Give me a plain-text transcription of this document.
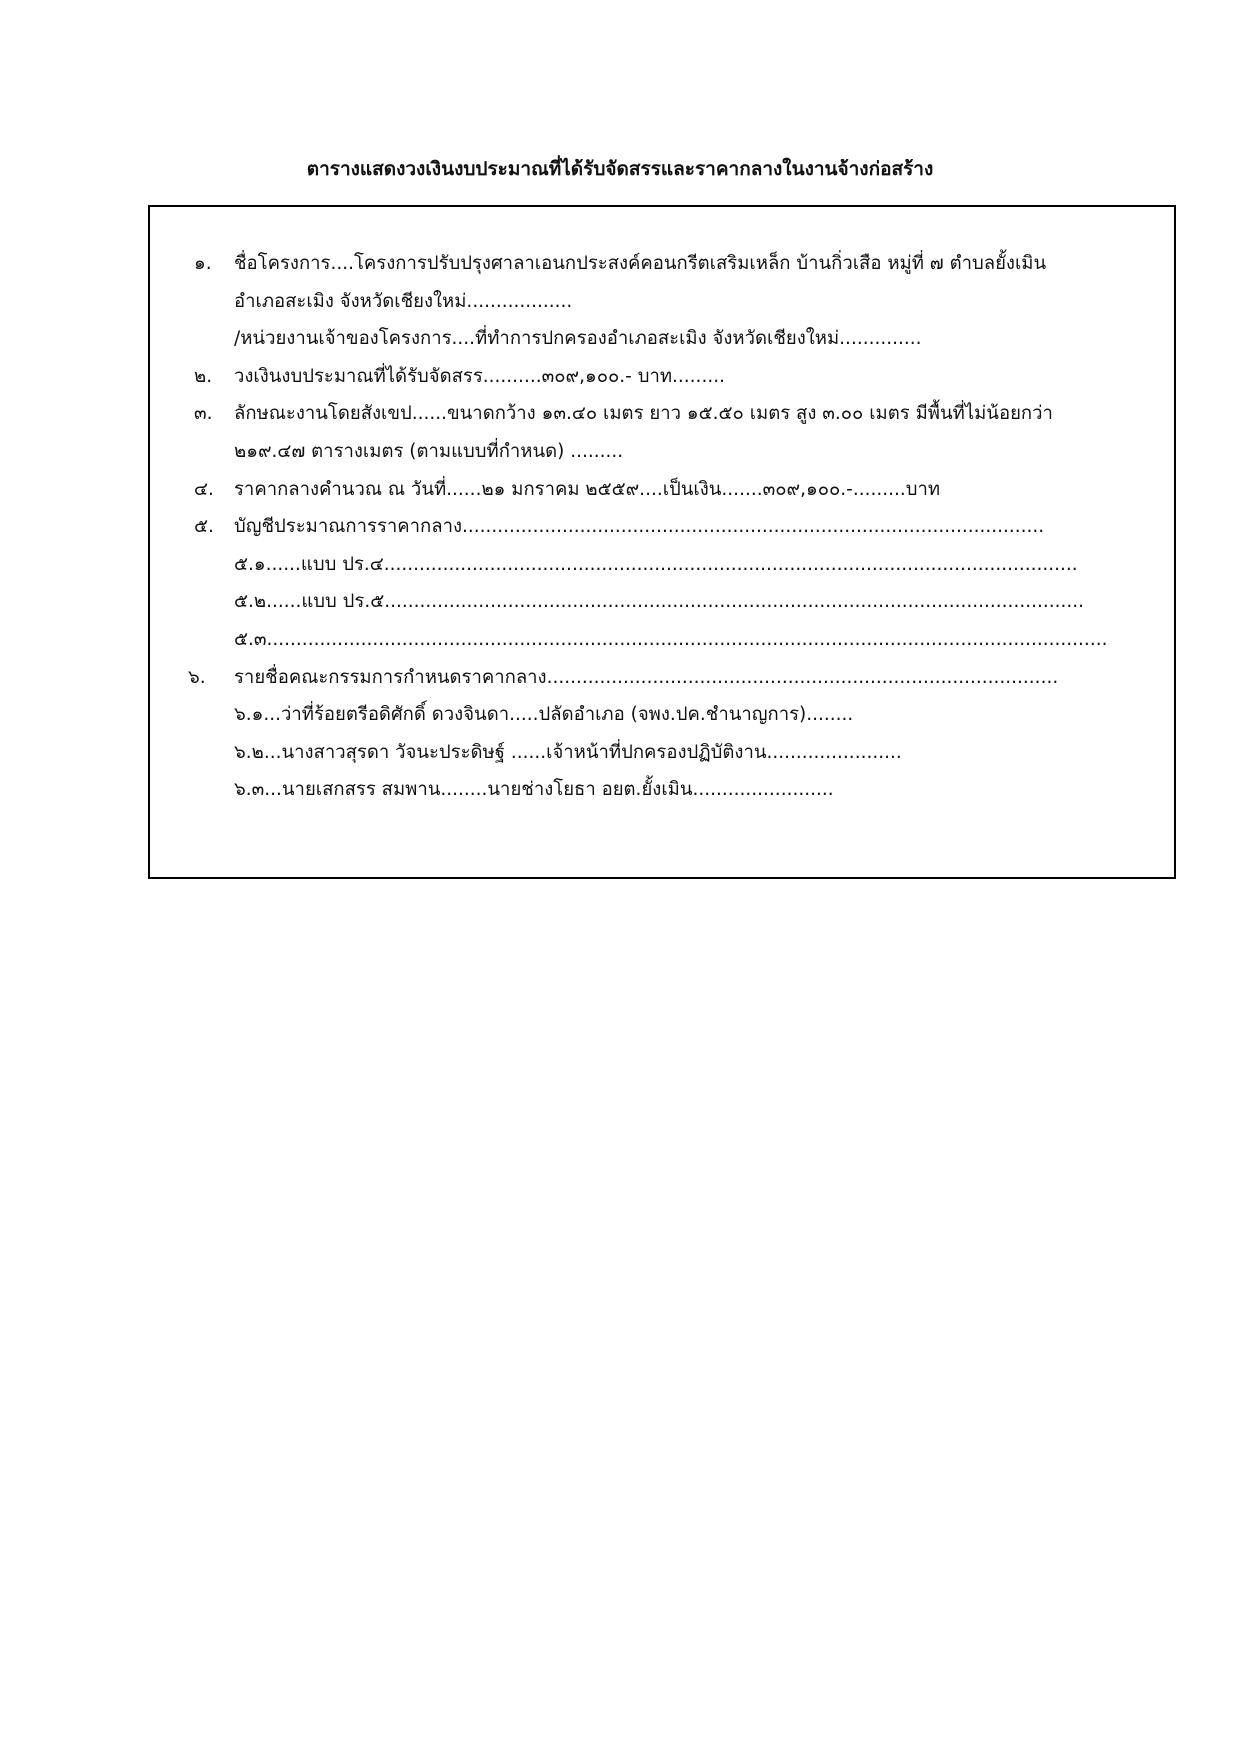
ตารางแสดงวงเงินงบประมาณที่ได้รับจัดสรรและราคากลางในงานจ้างก่อสร้าง
๑. ชื่อโครงการ....โครงการปรับปรุงศาลาเอนกประสงค์คอนกรีตเสริมเหล็ก บ้านกิ่วเสือ หมู่ที่ ๗ ตำบลยั้งเมิน
อำเภอสะเมิง จังหวัดเชียงใหม่..................
/หน่วยงานเจ้าของโครงการ....ที่ทำการปกครองอำเภอสะเมิง จังหวัดเชียงใหม่..............
๒. วงเงินงบประมาณที่ได้รับจัดสรร..........๓๐๙,๑๐๐.- บาท.........
๓. ลักษณะงานโดยสังเขป......ขนาดกว้าง ๑๓.๔๐ เมตร ยาว ๑๕.๕๐ เมตร สูง ๓.๐๐ เมตร มีพื้นที่ไม่น้อยกว่า
๒๑๙.๔๗ ตารางเมตร (ตามแบบที่กำหนด) .........
๔. ราคากลางคำนวณ ณ วันที่......๒๑ มกราคม ๒๕๕๙....เป็นเงิน.......๓๐๙,๑๐๐.-.........บาท
๕. บัญชีประมาณการราคากลาง...................................................................................................
๕.๑......แบบ ปร.๔......................................................................................................................
๕.๒......แบบ ปร.๕.......................................................................................................................
๕.๓...............................................................................................................................................
๖. รายชื่อคณะกรรมการกำหนดราคากลาง.......................................................................................
๖.๑...ว่าที่ร้อยตรีอดิศักดิ์ ดวงจินดา.....ปลัดอำเภอ (จพง.ปค.ชำนาญการ)........
๖.๒...นางสาวสุรดา วัจนะประดิษฐ์ ......เจ้าหน้าที่ปกครองปฏิบัติงาน.......................
๖.๓...นายเสกสรร สมพาน........นายช่างโยธา อยต.ยั้งเมิน........................
